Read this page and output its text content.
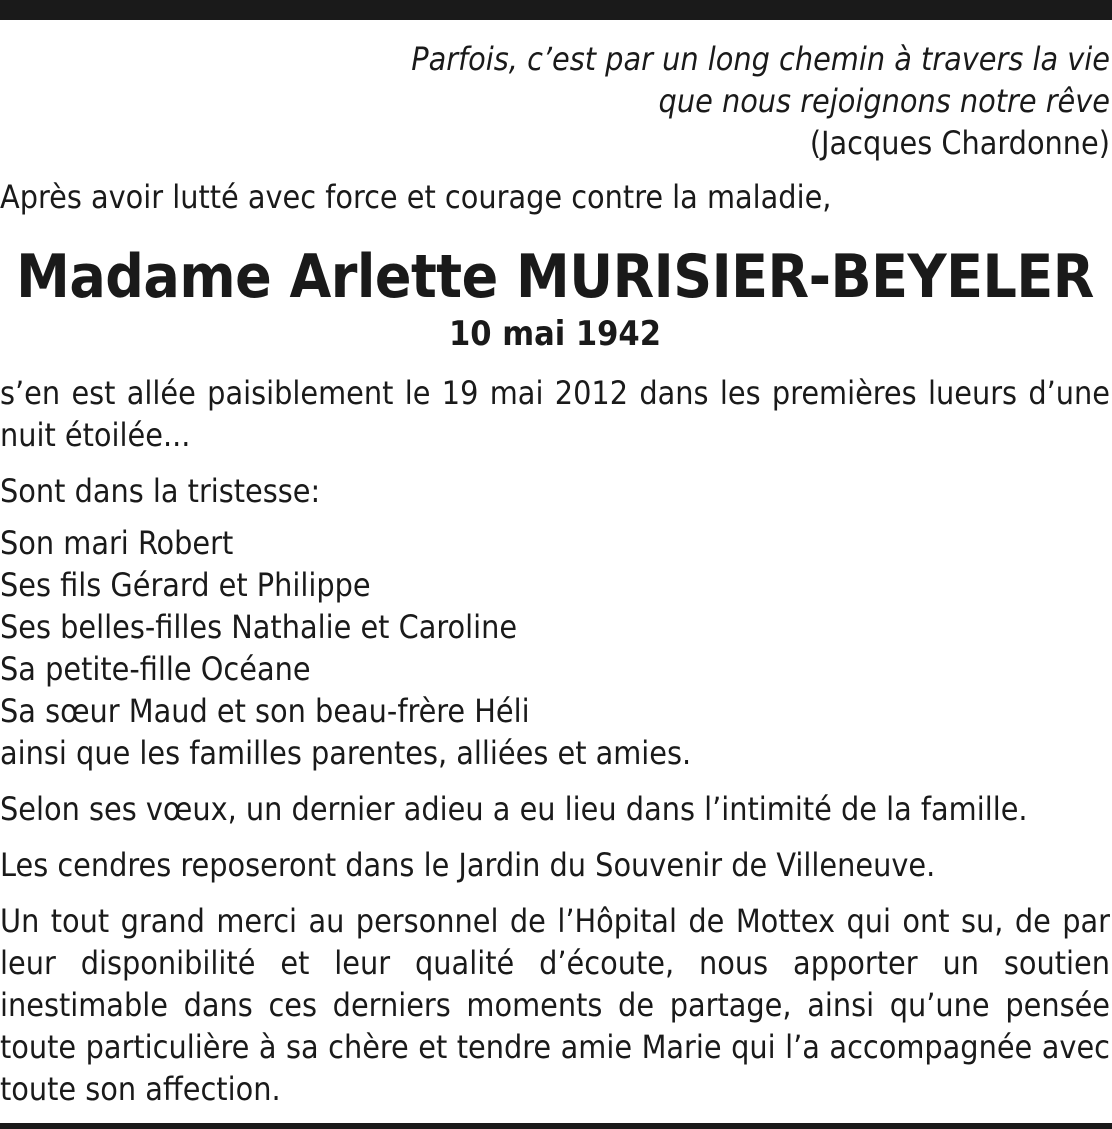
Parfois, c’est par un long chemin à travers la vie
que nous rejoignons notre rêve
(Jacques Chardonne)
Après avoir lutté avec force et courage contre la maladie,
Madame Arlette MURISIER-BEYELER
10 mai 1942
s’en est allée paisiblement le 19 mai 2012 dans les premières lueurs d’une nuit étoilée...
Sont dans la tristesse:
Son mari Robert
Ses fils Gérard et Philippe
Ses belles-filles Nathalie et Caroline
Sa petite-fille Océane
Sa sœur Maud et son beau-frère Héli
ainsi que les familles parentes, alliées et amies.
Selon ses vœux, un dernier adieu a eu lieu dans l’intimité de la famille.
Les cendres reposeront dans le Jardin du Souvenir de Villeneuve.
Un tout grand merci au personnel de l’Hôpital de Mottex qui ont su, de par leur disponibilité et leur qualité d’écoute, nous apporter un soutien inestimable dans ces derniers moments de partage, ainsi qu’une pensée toute particulière à sa chère et tendre amie Marie qui l’a accompagnée avec toute son affection.
